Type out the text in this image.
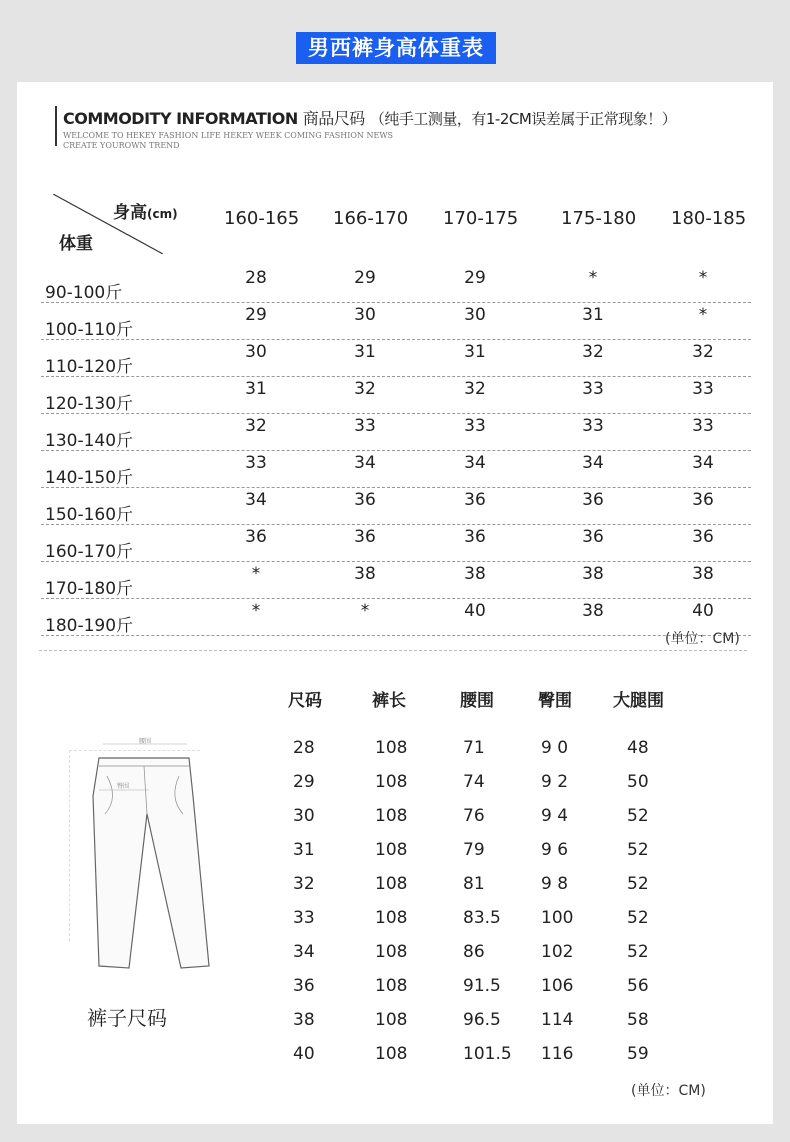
男西裤身高体重表
COMMODITY INFORMATION 商品尺码 （纯手工测量，有1-2CM误差属于正常现象！）
WELCOME TO HEKEY FASHION LIFE HEKEY WEEK COMING FASHION NEWS
CREATE YOUROWN TREND
身高(cm)
体重
160-165 166-170 170-175 175-180 180-185
90-100斤
28	29	29	*	*
100-110斤
29	30	30	31	*
110-120斤
30	31	31	32	32
120-130斤
31	32	32	33	33
130-140斤
32	33	33	33	33
140-150斤
33	34	34	34	34
150-160斤
34	36	36	36	36
160-170斤
36	36	36	36	36
170-180斤
*	38	38	38	38
180-190斤
*	*	40	38	40
(单位：CM)
腰围
臀围
裤子尺码
尺码	裤长	腰围	臀围 大腿围
28	108	71	9 0	48
29	108	74	9 2	50
30	108	76	9 4	52
31	108	79	9 6	52
32	108	81	9 8	52
33	108	83.5 100	52
34	108	86	102	52
36	108	91.5 106	56
38	108	96.5 114	58
40	108	101.5 116	59
(单位：CM)
